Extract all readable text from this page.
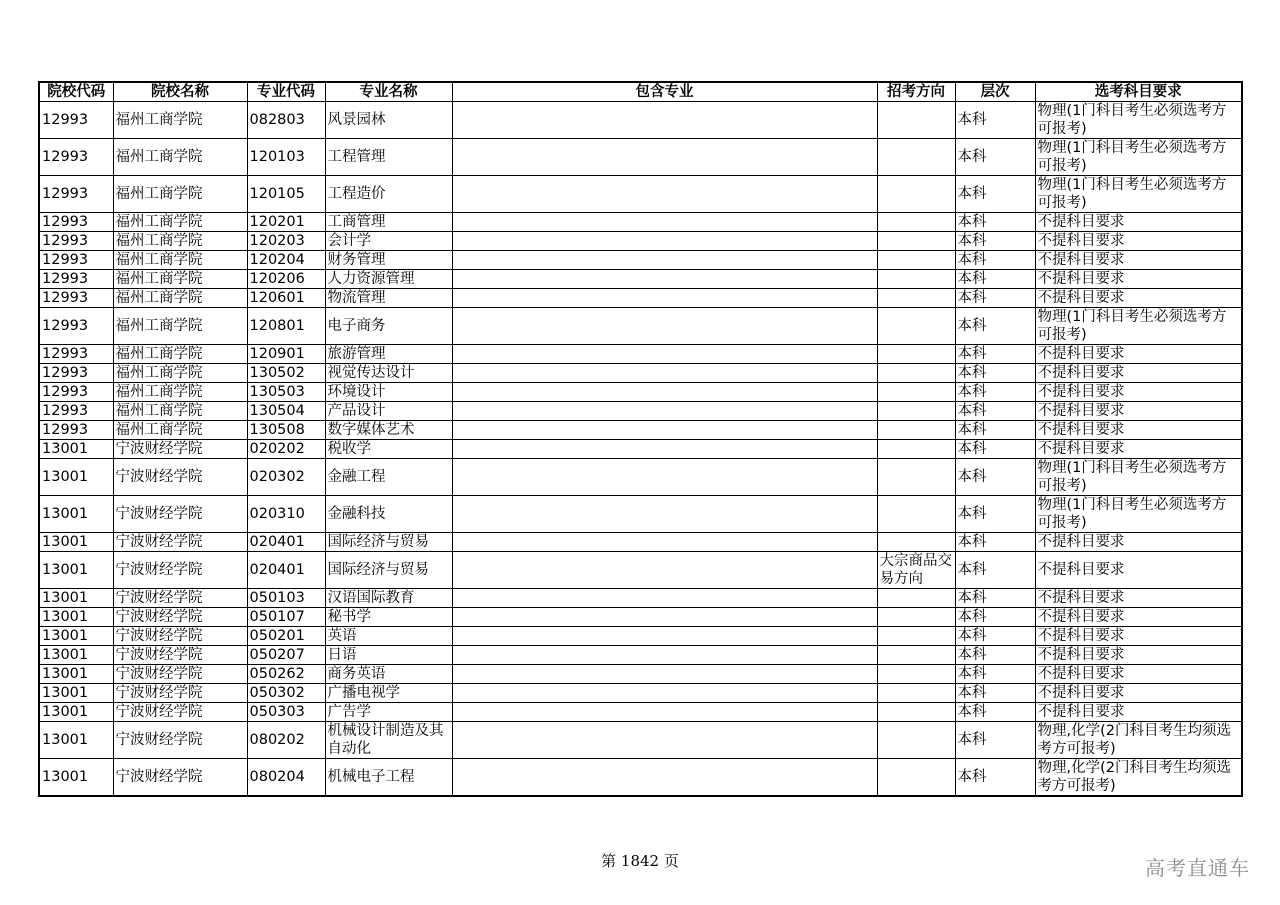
院校代码	院校名称	专业代码	专业名称	包含专业	招考方向	层次	选考科目要求
12993	福州工商学院	082803	风景园林			本科	物理(1门科目考生必须选考方可报考)
12993	福州工商学院	120103	工程管理			本科	物理(1门科目考生必须选考方可报考)
12993	福州工商学院	120105	工程造价			本科	物理(1门科目考生必须选考方可报考)
12993	福州工商学院	120201	工商管理			本科	不提科目要求
12993	福州工商学院	120203	会计学			本科	不提科目要求
12993	福州工商学院	120204	财务管理			本科	不提科目要求
12993	福州工商学院	120206	人力资源管理			本科	不提科目要求
12993	福州工商学院	120601	物流管理			本科	不提科目要求
12993	福州工商学院	120801	电子商务			本科	物理(1门科目考生必须选考方可报考)
12993	福州工商学院	120901	旅游管理			本科	不提科目要求
12993	福州工商学院	130502	视觉传达设计			本科	不提科目要求
12993	福州工商学院	130503	环境设计			本科	不提科目要求
12993	福州工商学院	130504	产品设计			本科	不提科目要求
12993	福州工商学院	130508	数字媒体艺术			本科	不提科目要求
13001	宁波财经学院	020202	税收学			本科	不提科目要求
13001	宁波财经学院	020302	金融工程			本科	物理(1门科目考生必须选考方可报考)
13001	宁波财经学院	020310	金融科技			本科	物理(1门科目考生必须选考方可报考)
13001	宁波财经学院	020401	国际经济与贸易			本科	不提科目要求
13001	宁波财经学院	020401	国际经济与贸易		大宗商品交易方向	本科	不提科目要求
13001	宁波财经学院	050103	汉语国际教育			本科	不提科目要求
13001	宁波财经学院	050107	秘书学			本科	不提科目要求
13001	宁波财经学院	050201	英语			本科	不提科目要求
13001	宁波财经学院	050207	日语			本科	不提科目要求
13001	宁波财经学院	050262	商务英语			本科	不提科目要求
13001	宁波财经学院	050302	广播电视学			本科	不提科目要求
13001	宁波财经学院	050303	广告学			本科	不提科目要求
13001	宁波财经学院	080202	机械设计制造及其自动化			本科	物理,化学(2门科目考生均须选考方可报考)
13001	宁波财经学院	080204	机械电子工程			本科	物理,化学(2门科目考生均须选考方可报考)
第 1842 页	高考直通车
